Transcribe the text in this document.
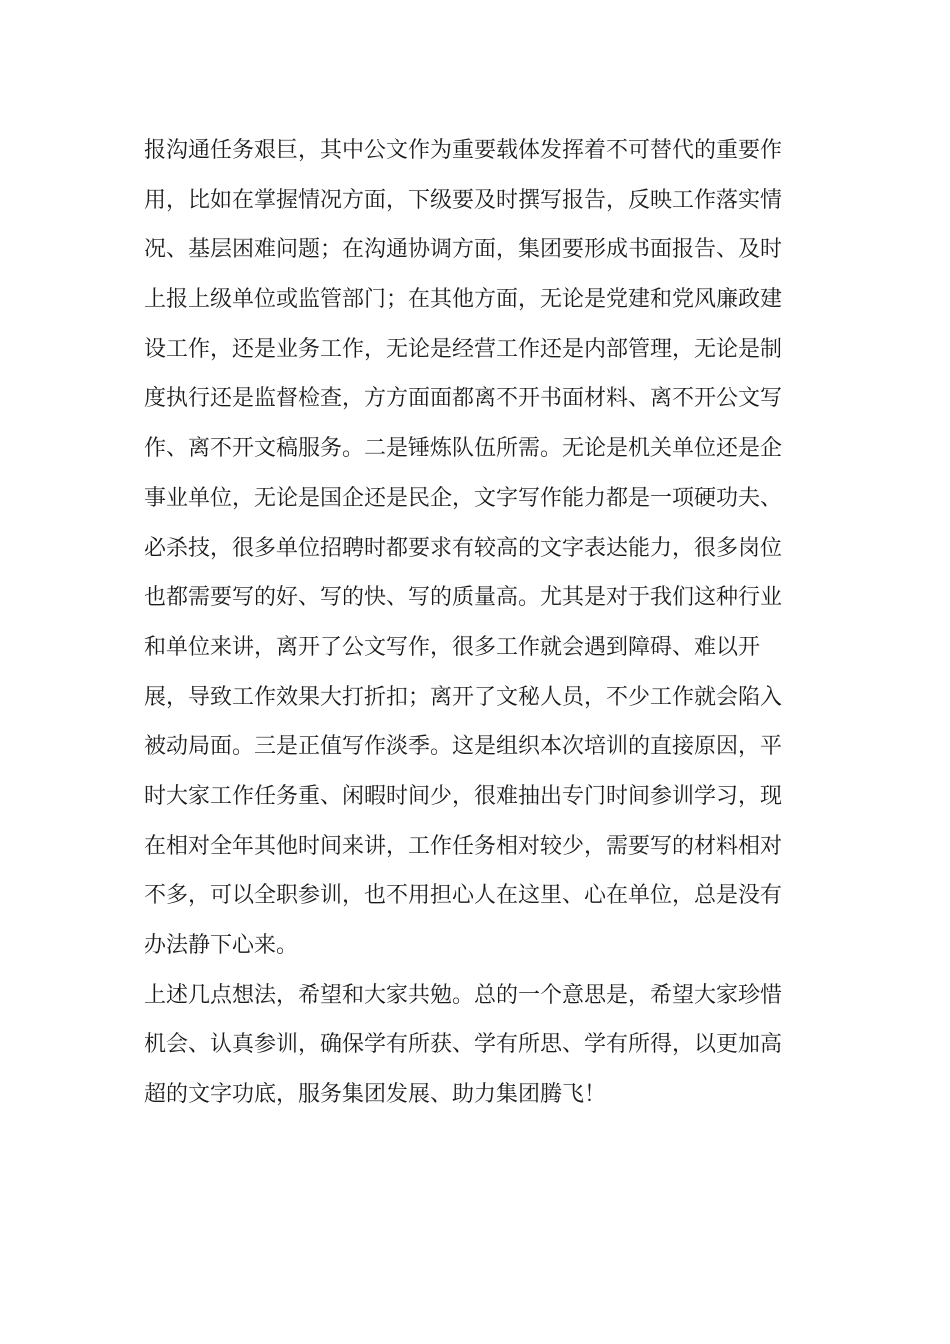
报沟通任务艰巨，其中公文作为重要载体发挥着不可替代的重要作
用，比如在掌握情况方面，下级要及时撰写报告，反映工作落实情
况、基层困难问题；在沟通协调方面，集团要形成书面报告、及时
上报上级单位或监管部门；在其他方面，无论是党建和党风廉政建
设工作，还是业务工作，无论是经营工作还是内部管理，无论是制
度执行还是监督检查，方方面面都离不开书面材料、离不开公文写
作、离不开文稿服务。二是锤炼队伍所需。无论是机关单位还是企
事业单位，无论是国企还是民企，文字写作能力都是一项硬功夫、
必杀技，很多单位招聘时都要求有较高的文字表达能力，很多岗位
也都需要写的好、写的快、写的质量高。尤其是对于我们这种行业
和单位来讲，离开了公文写作，很多工作就会遇到障碍、难以开
展，导致工作效果大打折扣；离开了文秘人员，不少工作就会陷入
被动局面。三是正值写作淡季。这是组织本次培训的直接原因，平
时大家工作任务重、闲暇时间少，很难抽出专门时间参训学习，现
在相对全年其他时间来讲，工作任务相对较少，需要写的材料相对
不多，可以全职参训，也不用担心人在这里、心在单位，总是没有
办法静下心来。
上述几点想法，希望和大家共勉。总的一个意思是，希望大家珍惜
机会、认真参训，确保学有所获、学有所思、学有所得，以更加高
超的文字功底，服务集团发展、助力集团腾飞！
